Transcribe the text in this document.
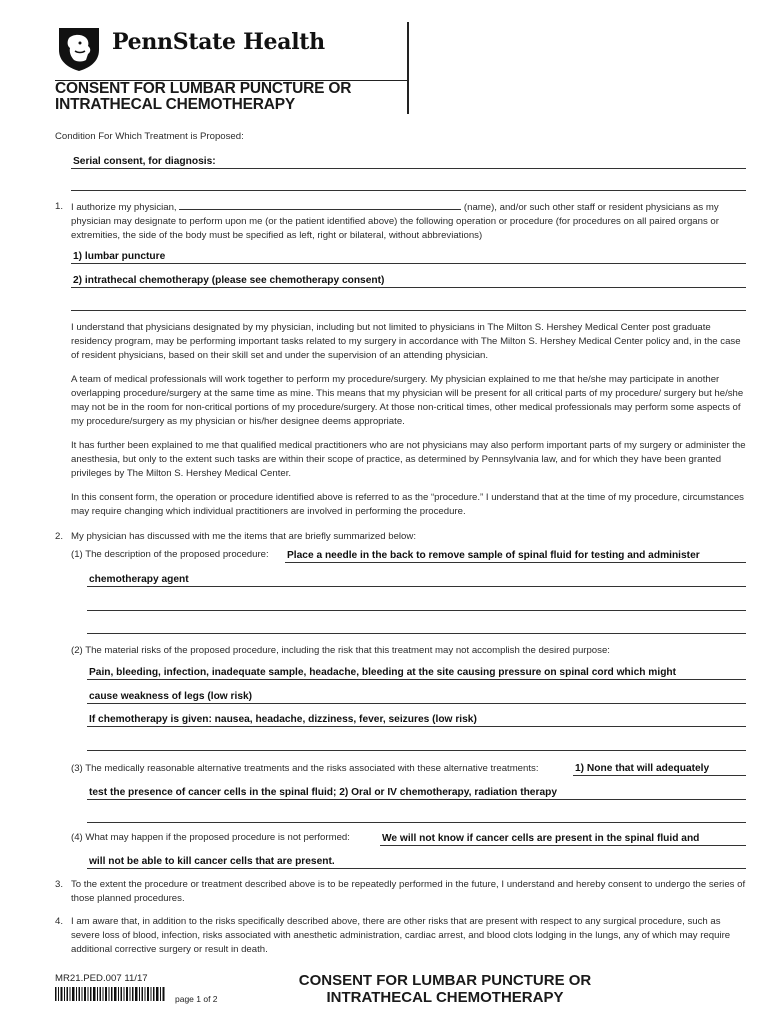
PennState Health
CONSENT FOR LUMBAR PUNCTURE OR
INTRATHECAL CHEMOTHERAPY
Condition For Which Treatment is Proposed:
Serial consent, for diagnosis:
1. I authorize my physician,	(name), and/or such other staff or resident physicians as my physician may designate to perform upon me (or the patient identified above) the following operation or procedure (for procedures on all paired organs or extremities, the side of the body must be specified as left, right or bilateral, without abbreviations)
1) lumbar puncture
2) intrathecal chemotherapy (please see chemotherapy consent)
I understand that physicians designated by my physician, including but not limited to physicians in The Milton S. Hershey Medical Center post graduate residency program, may be performing important tasks related to my surgery in accordance with The Milton S. Hershey Medical Center policy and, in the case of resident physicians, based on their skill set and under the supervision of an attending physician.
A team of medical professionals will work together to perform my procedure/surgery. My physician explained to me that he/she may participate in another overlapping procedure/surgery at the same time as mine. This means that my physician will be present for all critical parts of my procedure/ surgery but he/she may not be in the room for non-critical portions of my procedure/surgery. At those non-critical times, other medical professionals may perform some aspects of my procedure/surgery as my physician or his/her designee deems appropriate.
It has further been explained to me that qualified medical practitioners who are not physicians may also perform important parts of my surgery or administer the anesthesia, but only to the extent such tasks are within their scope of practice, as determined by Pennsylvania law, and for which they have been granted privileges by The Milton S. Hershey Medical Center.
In this consent form, the operation or procedure identified above is referred to as the “procedure.” I understand that at the time of my procedure, circumstances may require changing which individual practitioners are involved in performing the procedure.
2. My physician has discussed with me the items that are briefly summarized below:
(1) The description of the proposed procedure: Place a needle in the back to remove sample of spinal fluid for testing and administer
chemotherapy agent
(2) The material risks of the proposed procedure, including the risk that this treatment may not accomplish the desired purpose:
Pain, bleeding, infection, inadequate sample, headache, bleeding at the site causing pressure on spinal cord which might
cause weakness of legs (low risk)
If chemotherapy is given: nausea, headache, dizziness, fever, seizures (low risk)
(3) The medically reasonable alternative treatments and the risks associated with these alternative treatments:	1) None that will adequately
test the presence of cancer cells in the spinal fluid; 2) Oral or IV chemotherapy, radiation therapy
(4) What may happen if the proposed procedure is not performed:	We will not know if cancer cells are present in the spinal fluid and
will not be able to kill cancer cells that are present.
3. To the extent the procedure or treatment described above is to be repeatedly performed in the future, I understand and hereby consent to undergo the series of those planned procedures.
4. I am aware that, in addition to the risks specifically described above, there are other risks that are present with respect to any surgical procedure, such as severe loss of blood, infection, risks associated with anesthetic administration, cardiac arrest, and blood clots lodging in the lungs, any of which may require additional corrective surgery or result in death.
MR21.PED.007 11/17
page 1 of 2
CONSENT FOR LUMBAR PUNCTURE OR
INTRATHECAL CHEMOTHERAPY
